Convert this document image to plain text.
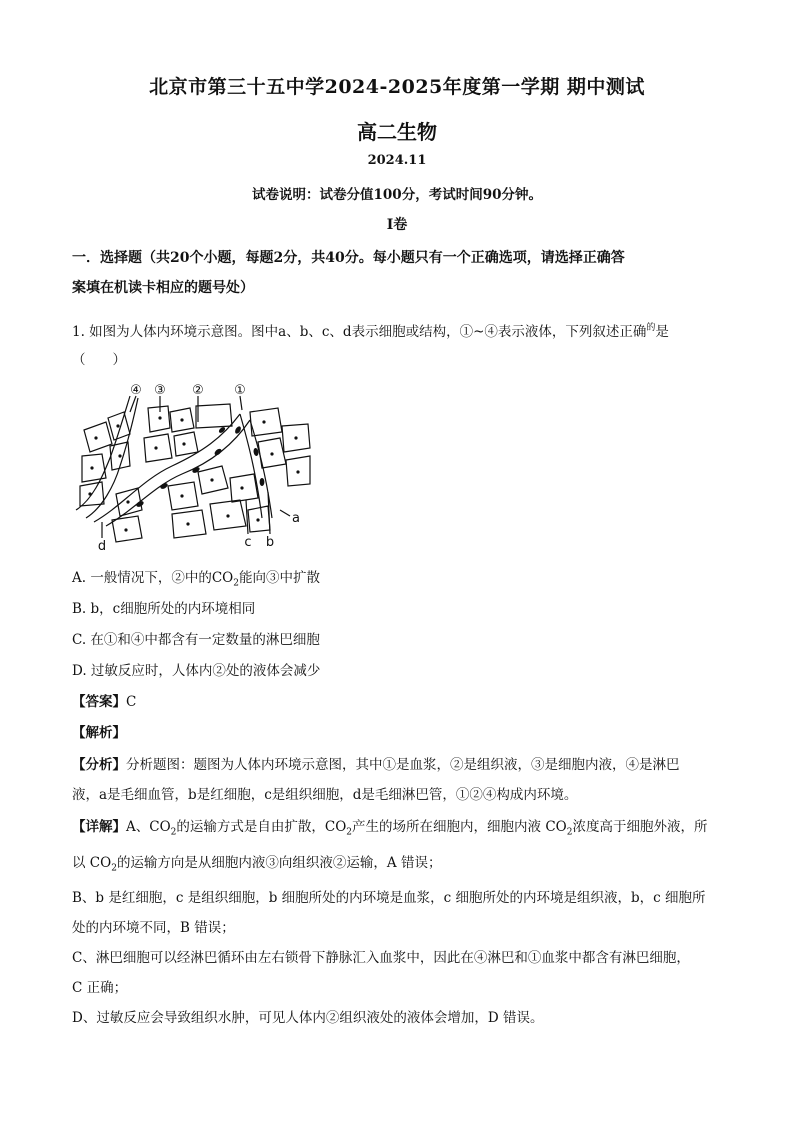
北京市第三十五中学2024-2025年度第一学期 期中测试
高二生物
2024.11
试卷说明：试卷分值100分，考试时间90分钟。
I卷
一．选择题（共20个小题，每题2分，共40分。每小题只有一个正确选项，请选择正确答
案填在机读卡相应的题号处）
1. 如图为人体内环境示意图。图中a、b、c、d表示细胞或结构，①~④表示液体，下列叙述正确$^的$是
（　　）
④ ③ ② ①
a
c b
d
A. 一般情况下，②中的$CO_2$能向③中扩散
B. b，c细胞所处的内环境相同
C. 在①和④中都含有一定数量的淋巴细胞
D. 过敏反应时，人体内②处的液体会减少
【答案】C
【解析】
【分析】分析题图：题图为人体内环境示意图，其中①是血浆，②是组织液，③是细胞内液，④是淋巴
液，a是毛细血管，b是红细胞，c是组织细胞，d是毛细淋巴管，①②④构成内环境。
【详解】A、$CO_2$的运输方式是自由扩散，$CO_2$产生的场所在细胞内，细胞内液 $CO_2$浓度高于细胞外液，所
以 $CO_2$的运输方向是从细胞内液③向组织液②运输，A 错误；
B、b 是红细胞，c 是组织细胞，b 细胞所处的内环境是血浆，c 细胞所处的内环境是组织液，b，c 细胞所
处的内环境不同，B 错误；
C、淋巴细胞可以经淋巴循环由左右锁骨下静脉汇入血浆中，因此在④淋巴和①血浆中都含有淋巴细胞，
C 正确；
D、过敏反应会导致组织水肿，可见人体内②组织液处的液体会增加，D 错误。
